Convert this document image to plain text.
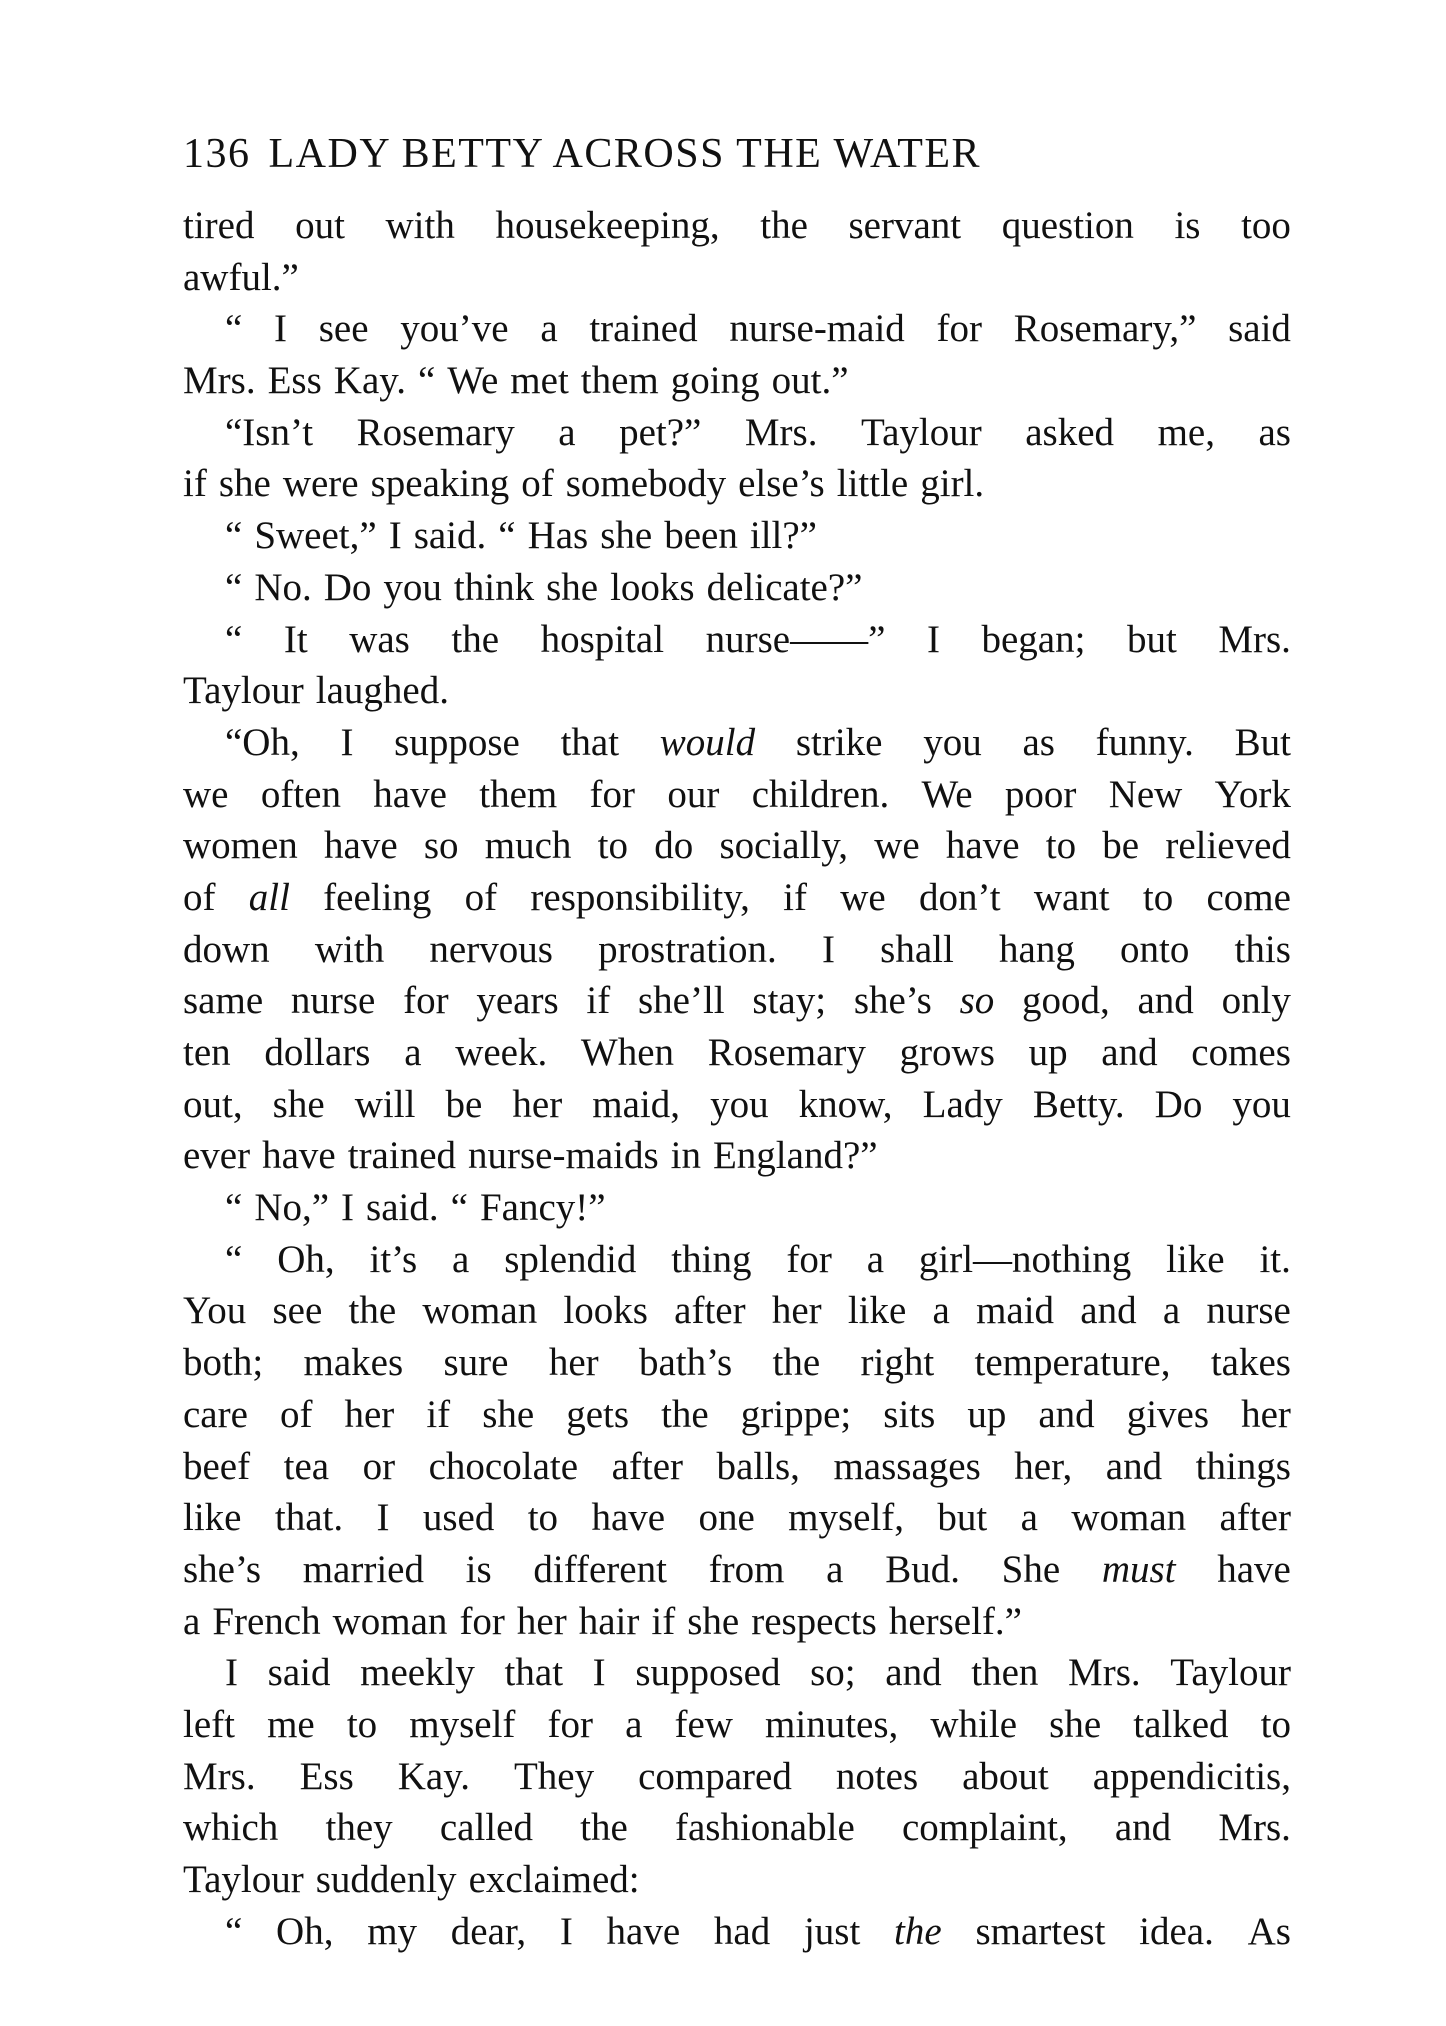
136 LADY BETTY ACROSS THE WATER
tired out with housekeeping, the servant question is too
awful.”
“ I see you’ve a trained nurse-maid for Rosemary,” said
Mrs. Ess Kay. “ We met them going out.”
“Isn’t Rosemary a pet?” Mrs. Taylour asked me, as
if she were speaking of somebody else’s little girl.
“ Sweet,” I said. “ Has she been ill?”
“ No. Do you think she looks delicate?”
“ It was the hospital nurse——” I began; but Mrs.
Taylour laughed.
“Oh, I suppose that would strike you as funny. But
we often have them for our children. We poor New York
women have so much to do socially, we have to be relieved
of all feeling of responsibility, if we don’t want to come
down with nervous prostration. I shall hang onto this
same nurse for years if she’ll stay; she’s so good, and only
ten dollars a week. When Rosemary grows up and comes
out, she will be her maid, you know, Lady Betty. Do you
ever have trained nurse-maids in England?”
“ No,” I said. “ Fancy!”
“ Oh, it’s a splendid thing for a girl—nothing like it.
You see the woman looks after her like a maid and a nurse
both; makes sure her bath’s the right temperature, takes
care of her if she gets the grippe; sits up and gives her
beef tea or chocolate after balls, massages her, and things
like that. I used to have one myself, but a woman after
she’s married is different from a Bud. She must have
a French woman for her hair if she respects herself.”
I said meekly that I supposed so; and then Mrs. Taylour
left me to myself for a few minutes, while she talked to
Mrs. Ess Kay. They compared notes about appendicitis,
which they called the fashionable complaint, and Mrs.
Taylour suddenly exclaimed:
“ Oh, my dear, I have had just the smartest idea. As
